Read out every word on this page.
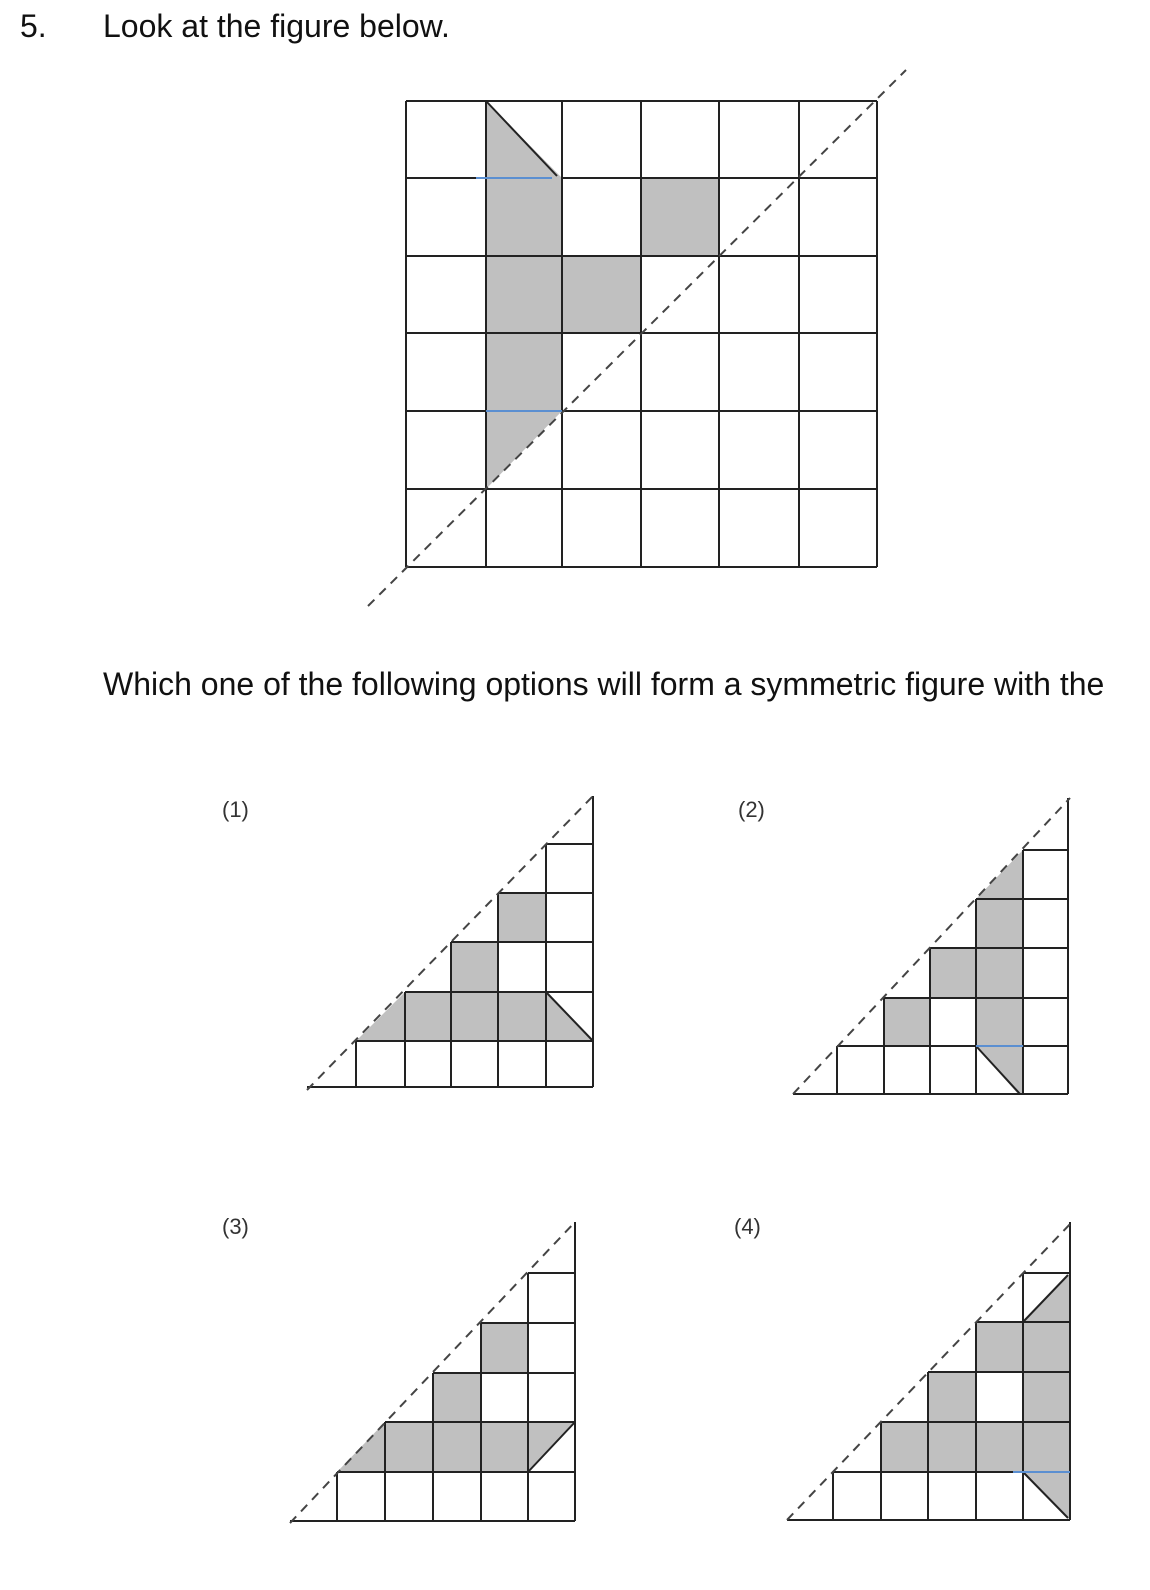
5. Look at the figure below.
Which one of the following options will form a symmetric figure with the
(1)	(2)
(3)	(4)
